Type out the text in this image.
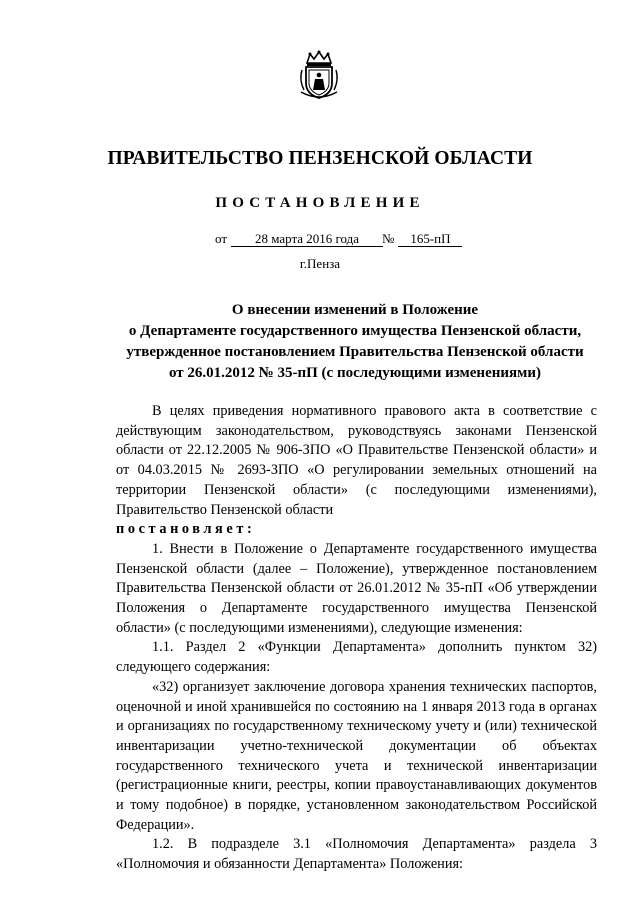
ПРАВИТЕЛЬСТВО ПЕНЗЕНСКОЙ ОБЛАСТИ
ПОСТАНОВЛЕНИЕ
от 28 марта 2016 года	№ 165-пП
г.Пенза
О внесении изменений в Положение
о Департаменте государственного имущества Пензенской области,
утвержденное постановлением Правительства Пензенской области
от 26.01.2012 № 35-пП (с последующими изменениями)

В целях приведения нормативного правового акта в соответствие с действующим законодательством, руководствуясь законами Пензенской области от 22.12.2005 № 906-ЗПО «О Правительстве Пензенской области» и от 04.03.2015 № 2693-ЗПО «О регулировании земельных отношений на территории Пензенской области» (с последующими изменениями), Правительство Пензенской области

постановляет:

1. Внести в Положение о Департаменте государственного имущества Пензенской области (далее – Положение), утвержденное постановлением Правительства Пензенской области от 26.01.2012 № 35-пП «Об утверждении Положения о Департаменте государственного имущества Пензенской области» (с последующими изменениями), следующие изменения:

1.1. Раздел 2 «Функции Департамента» дополнить пунктом 32) следующего содержания:

«32) организует заключение договора хранения технических паспортов, оценочной и иной хранившейся по состоянию на 1 января 2013 года в органах и организациях по государственному техническому учету и (или) технической инвентаризации учетно-технической документации об объектах государственного технического учета и технической инвентаризации (регистрационные книги, реестры, копии правоустанавливающих документов и тому подобное) в порядке, установленном законодательством Российской Федерации».

1.2. В подразделе 3.1 «Полномочия Департамента» раздела 3 «Полномочия и обязанности Департамента» Положения:
